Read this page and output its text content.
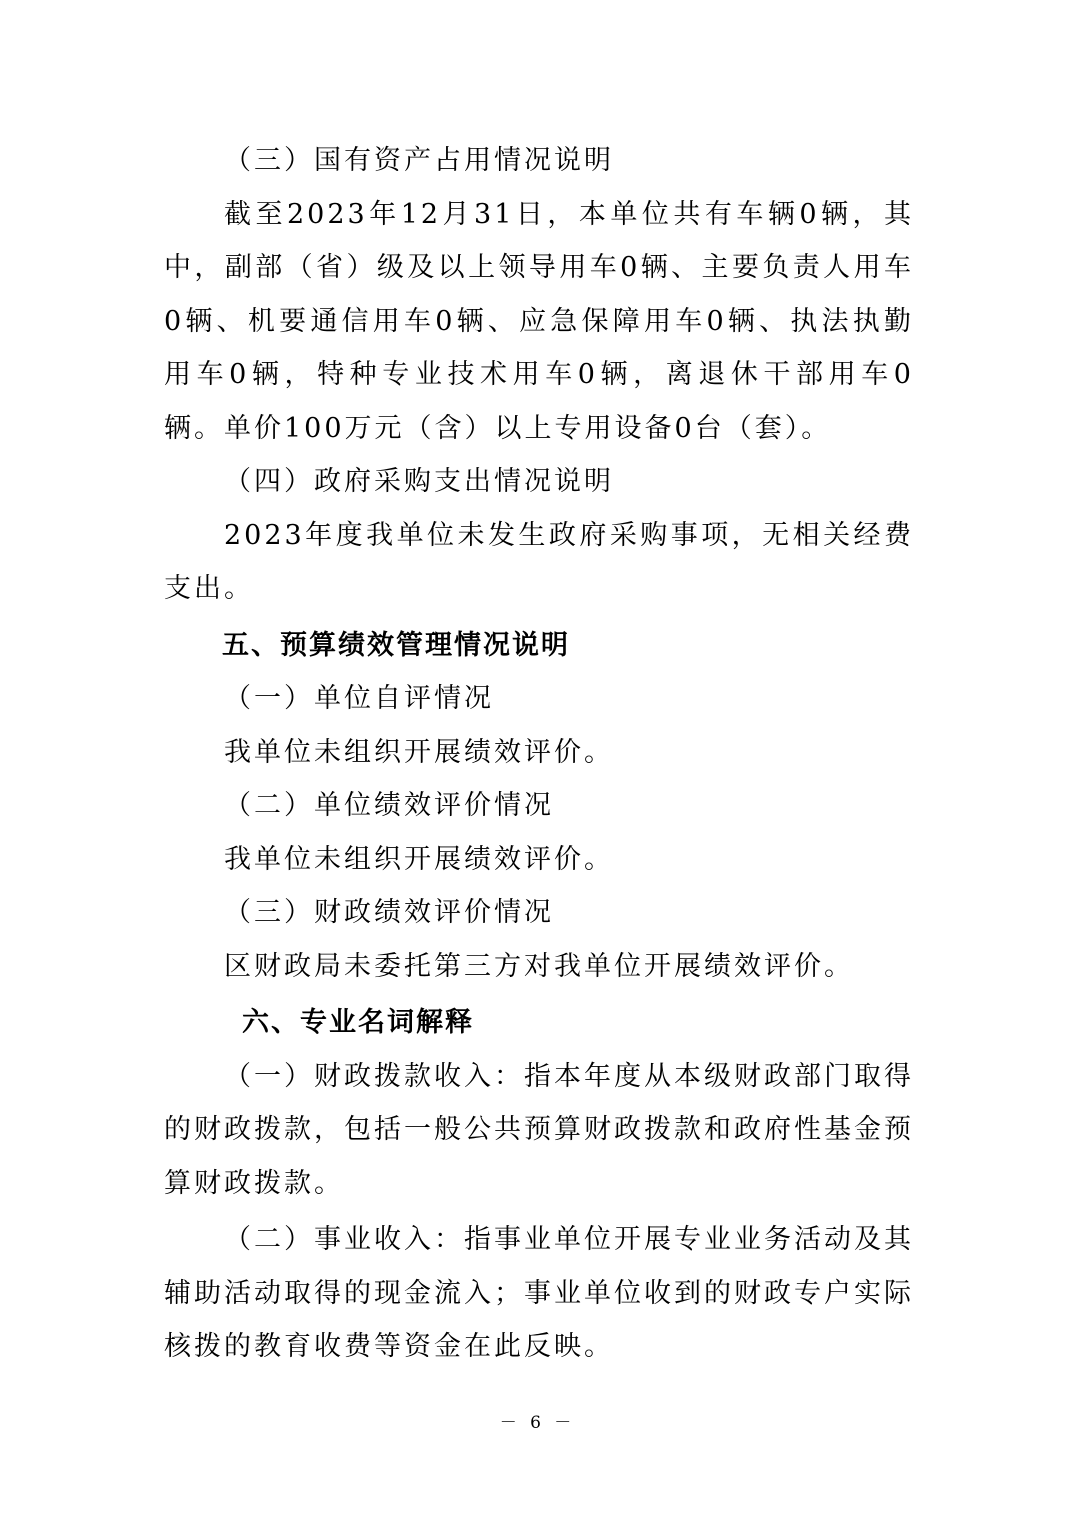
（三）国有资产占用情况说明

截至2023年12月31日，本单位共有车辆0辆，其中，副部（省）级及以上领导用车0辆、主要负责人用车0辆、机要通信用车0辆、应急保障用车0辆、执法执勤用车0辆，特种专业技术用车0辆，离退休干部用车0辆。单价100万元（含）以上专用设备0台（套）。

（四）政府采购支出情况说明

2023年度我单位未发生政府采购事项，无相关经费支出。

五、预算绩效管理情况说明

（一）单位自评情况

我单位未组织开展绩效评价。

（二）单位绩效评价情况

我单位未组织开展绩效评价。

（三）财政绩效评价情况

区财政局未委托第三方对我单位开展绩效评价。

六、专业名词解释

（一）财政拨款收入：指本年度从本级财政部门取得的财政拨款，包括一般公共预算财政拨款和政府性基金预算财政拨款。

（二）事业收入：指事业单位开展专业业务活动及其辅助活动取得的现金流入；事业单位收到的财政专户实际核拨的教育收费等资金在此反映。

－ 6 －
